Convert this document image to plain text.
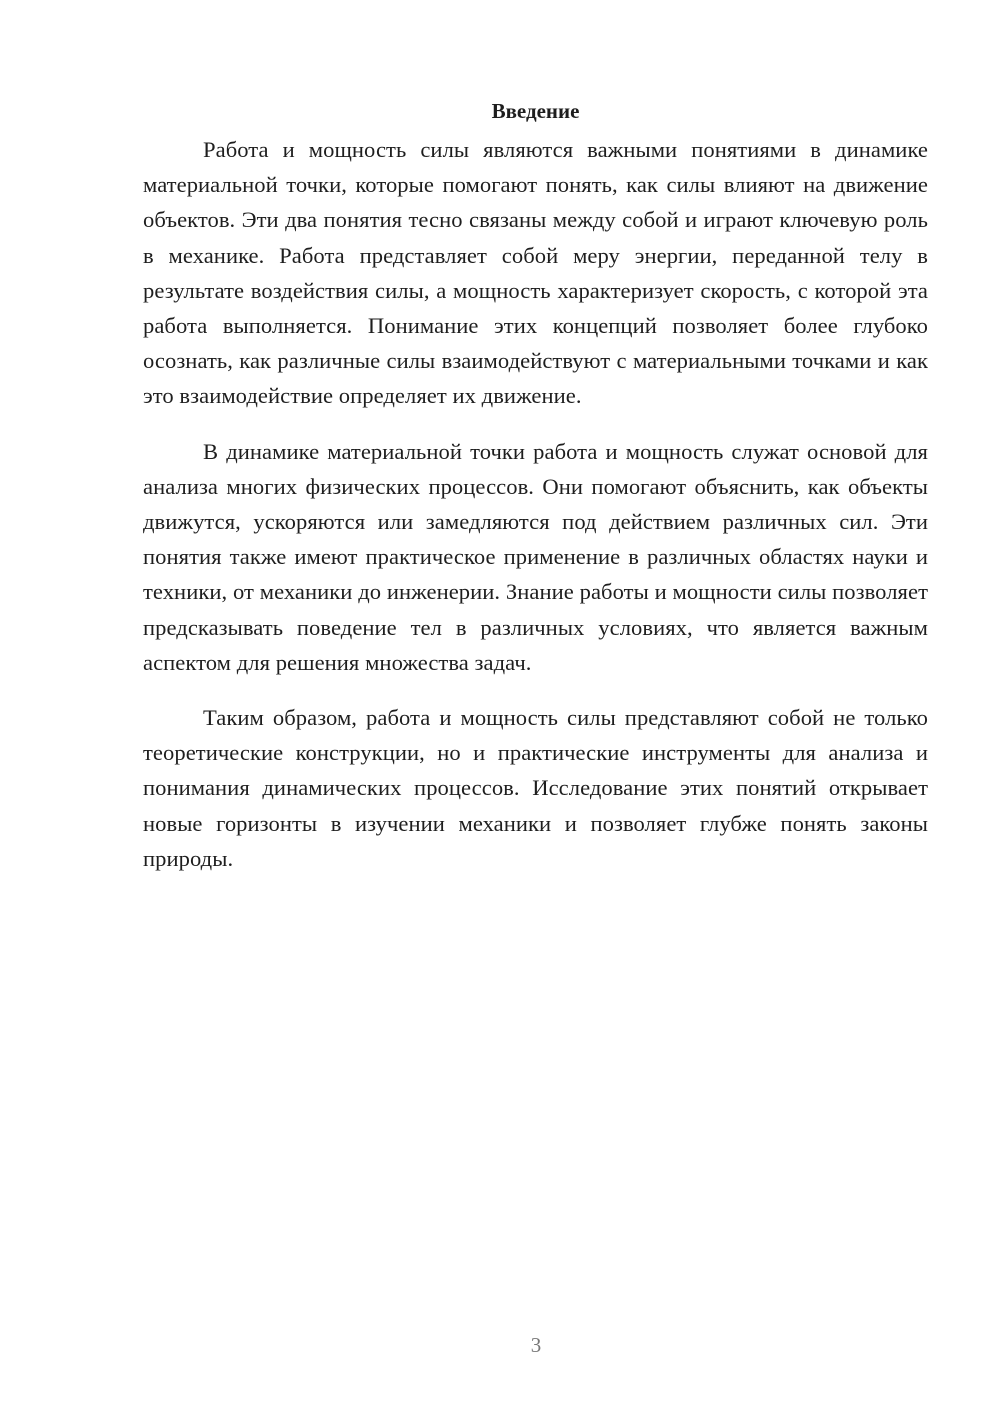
Введение

Работа и мощность силы являются важными понятиями в динамике материальной точки, которые помогают понять, как силы влияют на движение объектов. Эти два понятия тесно связаны между собой и играют ключевую роль в механике. Работа представляет собой меру энергии, переданной телу в результате воздействия силы, а мощность характеризует скорость, с которой эта работа выполняется. Понимание этих концепций позволяет более глубоко осознать, как различные силы взаимодействуют с материальными точками и как это взаимодействие определяет их движение.

В динамике материальной точки работа и мощность служат основой для анализа многих физических процессов. Они помогают объяснить, как объекты движутся, ускоряются или замедляются под действием различных сил. Эти понятия также имеют практическое применение в различных областях науки и техники, от механики до инженерии. Знание работы и мощности силы позволяет предсказывать поведение тел в различных условиях, что является важным аспектом для решения множества задач.

Таким образом, работа и мощность силы представляют собой не только теоретические конструкции, но и практические инструменты для анализа и понимания динамических процессов. Исследование этих понятий открывает новые горизонты в изучении механики и позволяет глубже понять законы природы.

3
